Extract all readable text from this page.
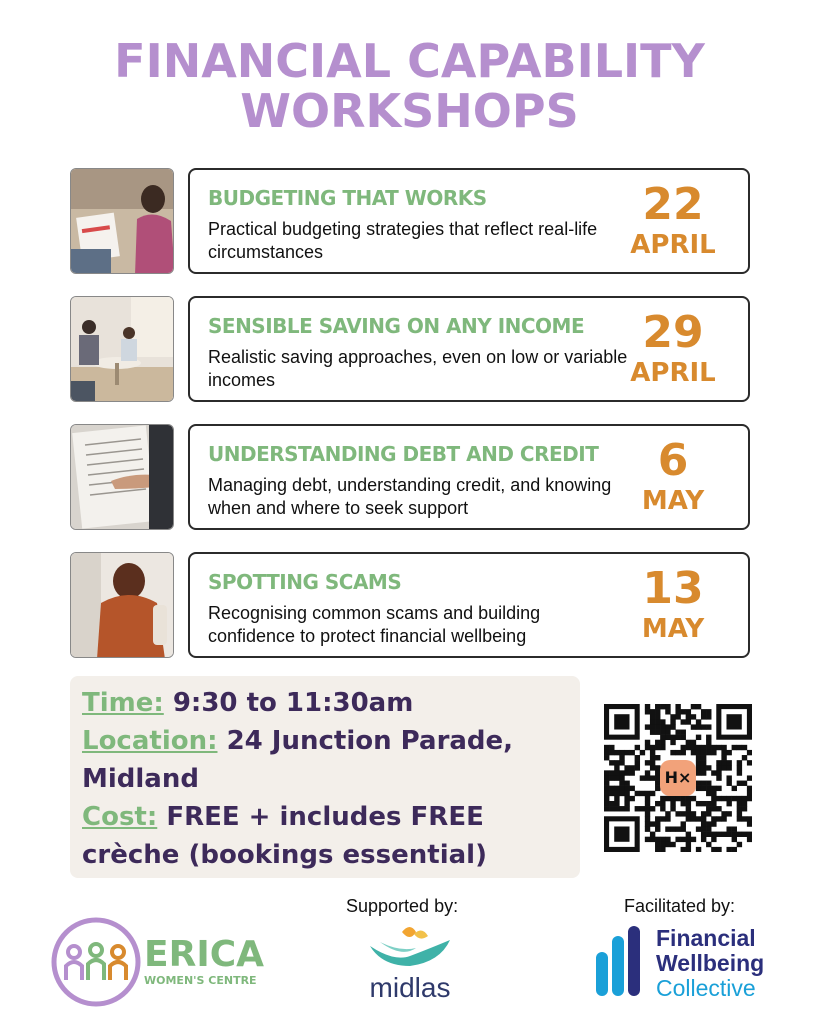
FINANCIAL CAPABILITY
WORKSHOPS
BUDGETING THAT WORKS
Practical budgeting strategies that reflect real-life circumstances
22
APRIL
SENSIBLE SAVING ON ANY INCOME
Realistic saving approaches, even on low or variable incomes
29
APRIL
UNDERSTANDING DEBT AND CREDIT
Managing debt, understanding credit, and knowing when and where to seek support
6
MAY
SPOTTING SCAMS
Recognising common scams and building confidence to protect financial wellbeing
13
MAY
Time: 9:30 to 11:30am
Location: 24 Junction Parade, Midland
Cost: FREE + includes FREE crèche (bookings essential)
H×
Supported by:	Facilitated by:
ERICA
WOMEN'S CENTRE	midlas
Financial
Wellbeing
Collective
